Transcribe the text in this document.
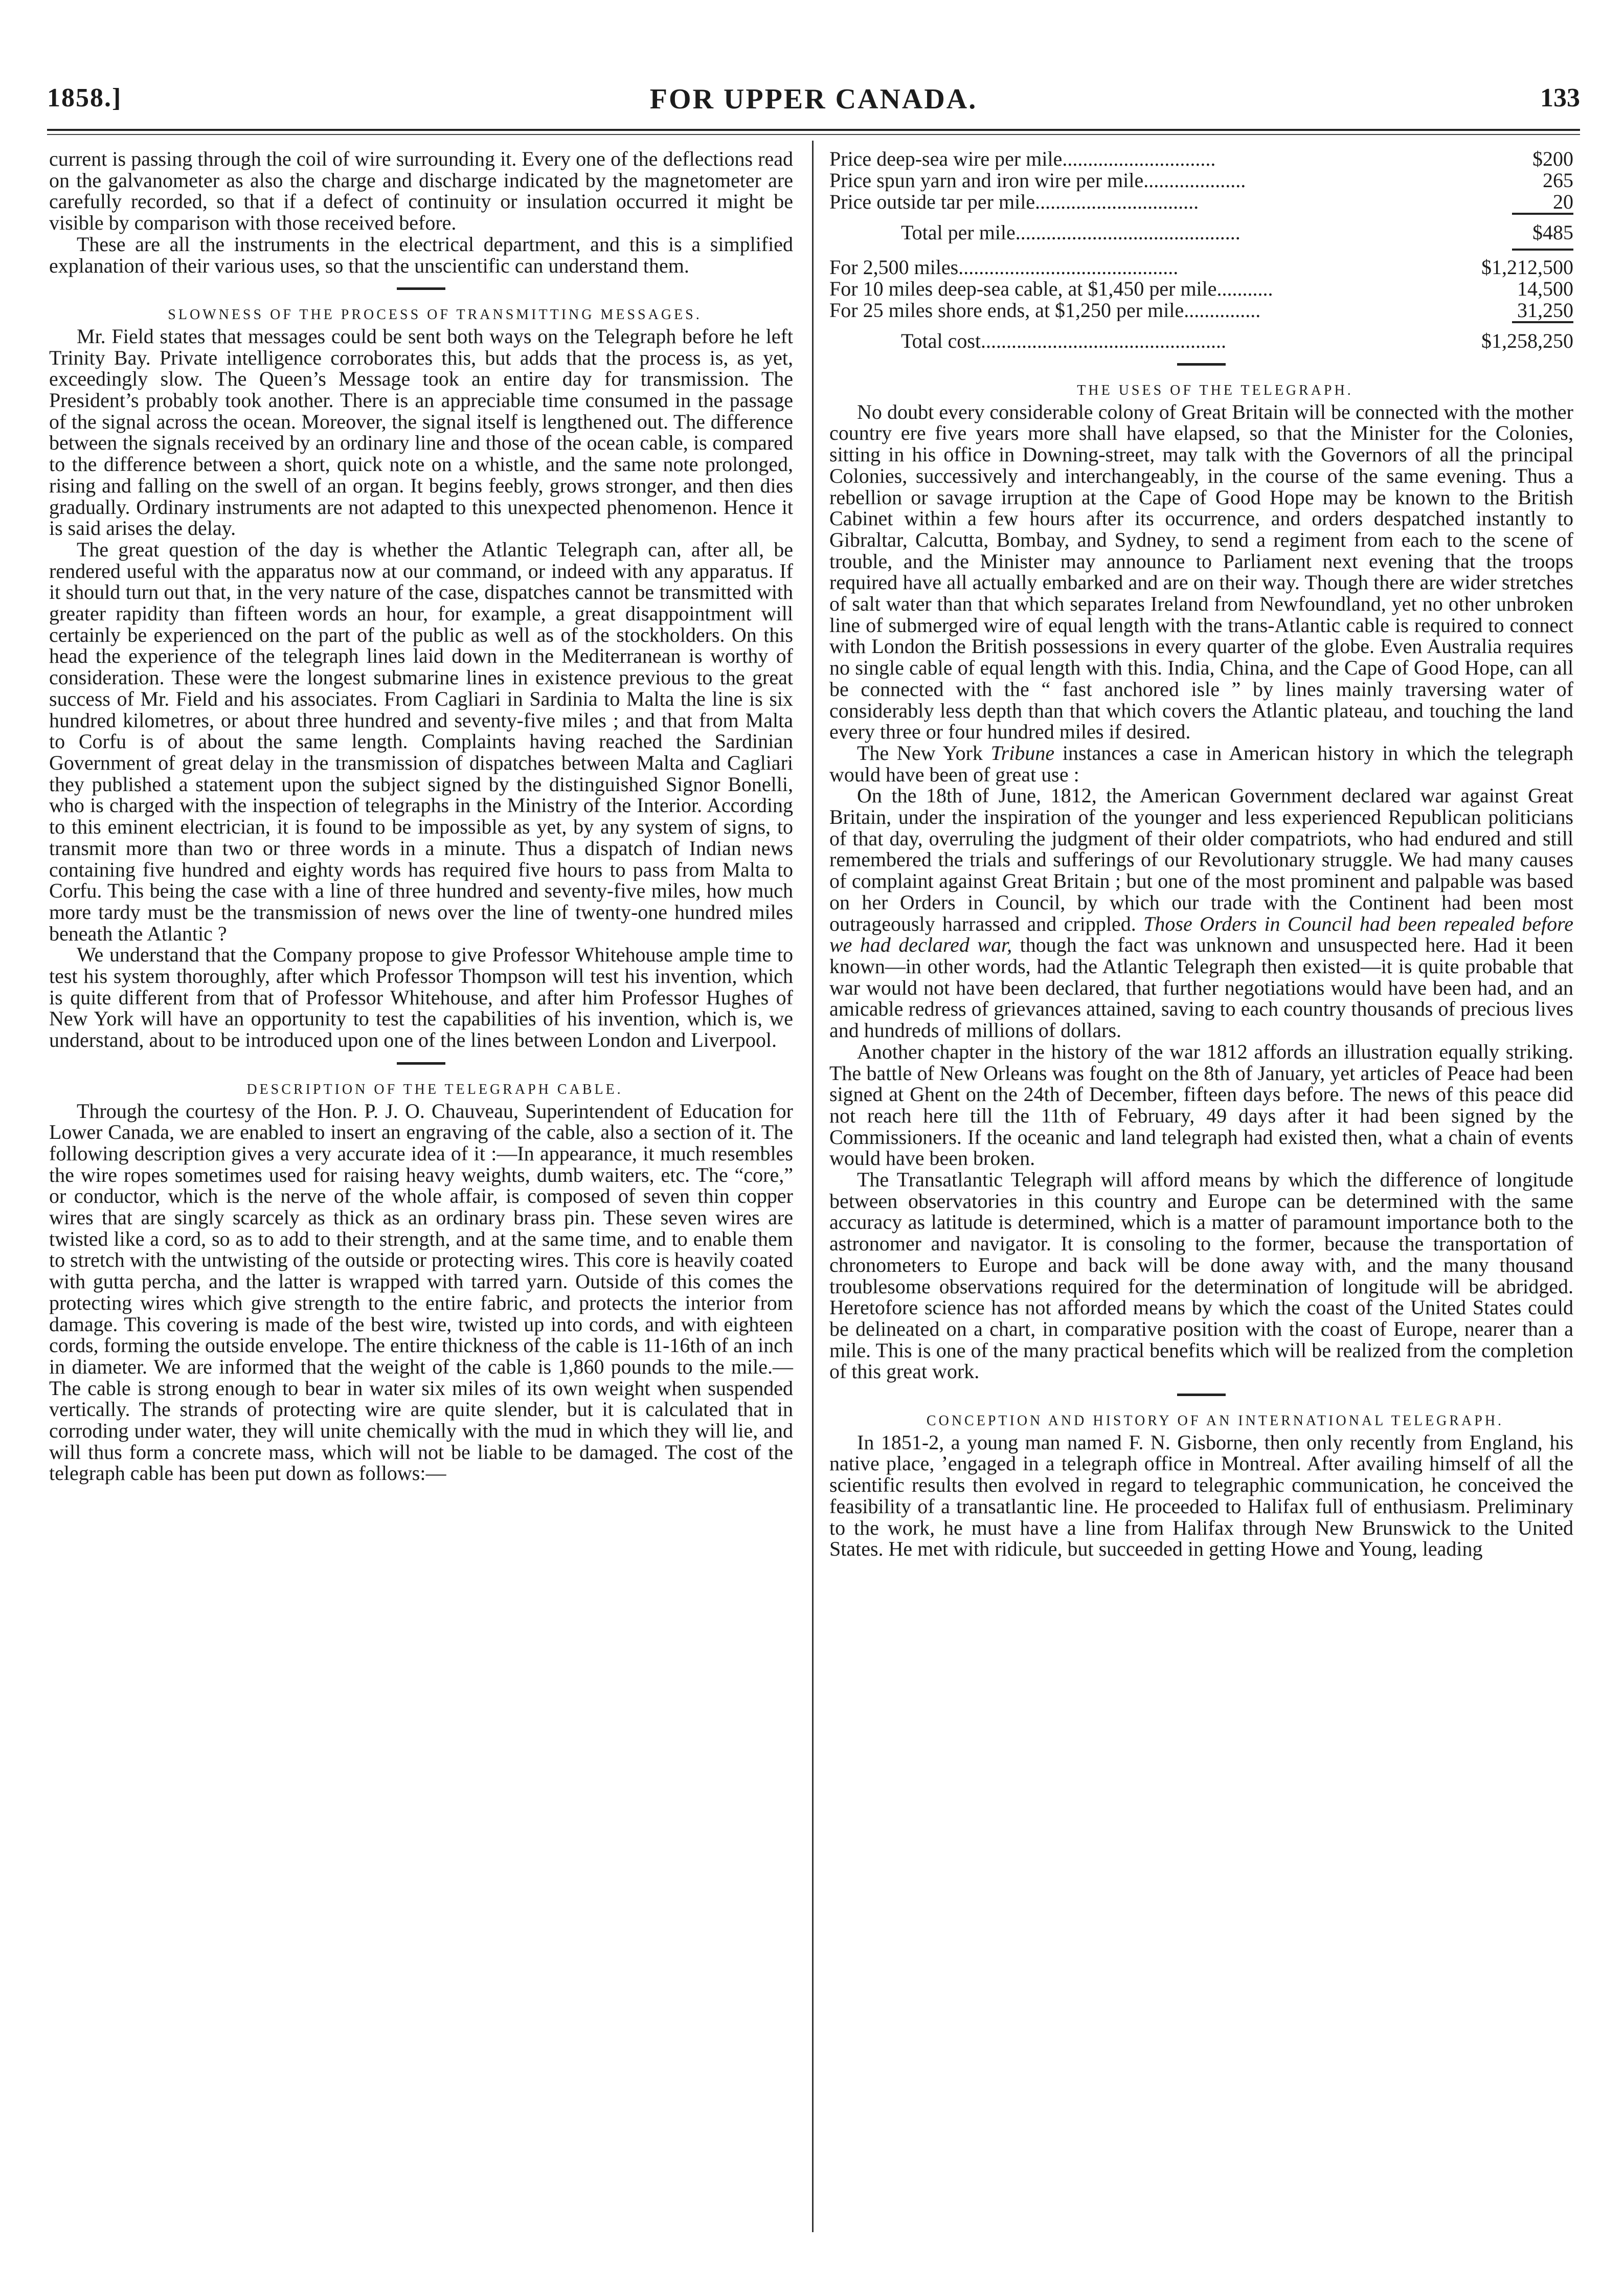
1858.]	FOR UPPER CANADA.	133

current is passing through the coil of wire surrounding it. Every one of the deflections read on the galvanometer as also the charge and discharge indicated by the magnetometer are carefully recorded, so that if a defect of continuity or insulation occurred it might be visible by comparison with those received before.

These are all the instruments in the electrical department, and this is a simplified explanation of their various uses, so that the unscientific can understand them.

SLOWNESS OF THE PROCESS OF TRANSMITTING MESSAGES.

Mr. Field states that messages could be sent both ways on the Telegraph before he left Trinity Bay. Private intelligence corroborates this, but adds that the process is, as yet, exceedingly slow. The Queen’s Message took an entire day for transmission. The President’s probably took another. There is an appreciable time consumed in the passage of the signal across the ocean. Moreover, the signal itself is lengthened out. The difference between the signals received by an ordinary line and those of the ocean cable, is compared to the difference between a short, quick note on a whistle, and the same note prolonged, rising and falling on the swell of an organ. It begins feebly, grows stronger, and then dies gradually. Ordinary instruments are not adapted to this unexpected phenomenon. Hence it is said arises the delay.

The great question of the day is whether the Atlantic Telegraph can, after all, be rendered useful with the apparatus now at our command, or indeed with any apparatus. If it should turn out that, in the very nature of the case, dispatches cannot be transmitted with greater rapidity than fifteen words an hour, for example, a great disappointment will certainly be experienced on the part of the public as well as of the stockholders. On this head the experience of the telegraph lines laid down in the Mediterranean is worthy of consideration. These were the longest submarine lines in existence previous to the great success of Mr. Field and his associates. From Cagliari in Sardinia to Malta the line is six hundred kilometres, or about three hundred and seventy-five miles ; and that from Malta to Corfu is of about the same length. Complaints having reached the Sardinian Government of great delay in the transmission of dispatches between Malta and Cagliari they published a statement upon the subject signed by the distinguished Signor Bonelli, who is charged with the inspection of telegraphs in the Ministry of the Interior. According to this eminent electrician, it is found to be impossible as yet, by any system of signs, to transmit more than two or three words in a minute. Thus a dispatch of Indian news containing five hundred and eighty words has required five hours to pass from Malta to Corfu. This being the case with a line of three hundred and seventy-five miles, how much more tardy must be the transmission of news over the line of twenty-one hundred miles beneath the Atlantic ?

We understand that the Company propose to give Professor Whitehouse ample time to test his system thoroughly, after which Professor Thompson will test his invention, which is quite different from that of Professor Whitehouse, and after him Professor Hughes of New York will have an opportunity to test the capabilities of his invention, which is, we understand, about to be introduced upon one of the lines between London and Liverpool.

DESCRIPTION OF THE TELEGRAPH CABLE.

Through the courtesy of the Hon. P. J. O. Chauveau, Superintendent of Education for Lower Canada, we are enabled to insert an engraving of the cable, also a section of it. The following description gives a very accurate idea of it :—In appearance, it much resembles the wire ropes sometimes used for raising heavy weights, dumb waiters, etc. The “core,” or conductor, which is the nerve of the whole affair, is composed of seven thin copper wires that are singly scarcely as thick as an ordinary brass pin. These seven wires are twisted like a cord, so as to add to their strength, and at the same time, and to enable them to stretch with the untwisting of the outside or protecting wires. This core is heavily coated with gutta percha, and the latter is wrapped with tarred yarn. Outside of this comes the protecting wires which give strength to the entire fabric, and protects the interior from damage. This covering is made of the best wire, twisted up into cords, and with eighteen cords, forming the outside envelope. The entire thickness of the cable is 11-16th of an inch in diameter. We are informed that the weight of the cable is 1,860 pounds to the mile.—The cable is strong enough to bear in water six miles of its own weight when suspended vertically. The strands of protecting wire are quite slender, but it is calculated that in corroding under water, they will unite chemically with the mud in which they will lie, and will thus form a concrete mass, which will not be liable to be damaged. The cost of the telegraph cable has been put down as follows:—

Price deep-sea wire per mile..............................	$200
Price spun yarn and iron wire per mile....................	265
Price outside tar per mile................................	20

Total per mile............................................	$485

For 2,500 miles...........................................	$1,212,500
For 10 miles deep-sea cable, at $1,450 per mile...........	14,500
For 25 miles shore ends, at $1,250 per mile...............	31,250

Total cost................................................	$1,258,250

THE USES OF THE TELEGRAPH.

No doubt every considerable colony of Great Britain will be connected with the mother country ere five years more shall have elapsed, so that the Minister for the Colonies, sitting in his office in Downing-street, may talk with the Governors of all the principal Colonies, successively and interchangeably, in the course of the same evening. Thus a rebellion or savage irruption at the Cape of Good Hope may be known to the British Cabinet within a few hours after its occurrence, and orders despatched instantly to Gibraltar, Calcutta, Bombay, and Sydney, to send a regiment from each to the scene of trouble, and the Minister may announce to Parliament next evening that the troops required have all actually embarked and are on their way. Though there are wider stretches of salt water than that which separates Ireland from Newfoundland, yet no other unbroken line of submerged wire of equal length with the trans-Atlantic cable is required to connect with London the British possessions in every quarter of the globe. Even Australia requires no single cable of equal length with this. India, China, and the Cape of Good Hope, can all be connected with the “ fast anchored isle ” by lines mainly traversing water of considerably less depth than that which covers the Atlantic plateau, and touching the land every three or four hundred miles if desired.

The New York Tribune instances a case in American history in which the telegraph would have been of great use :

On the 18th of June, 1812, the American Government declared war against Great Britain, under the inspiration of the younger and less experienced Republican politicians of that day, overruling the judgment of their older compatriots, who had endured and still remembered the trials and sufferings of our Revolutionary struggle. We had many causes of complaint against Great Britain ; but one of the most prominent and palpable was based on her Orders in Council, by which our trade with the Continent had been most outrageously harrassed and crippled. Those Orders in Council had been repealed before we had declared war, though the fact was unknown and unsuspected here. Had it been known—in other words, had the Atlantic Telegraph then existed—it is quite probable that war would not have been declared, that further negotiations would have been had, and an amicable redress of grievances attained, saving to each country thousands of precious lives and hundreds of millions of dollars.

Another chapter in the history of the war 1812 affords an illustration equally striking. The battle of New Orleans was fought on the 8th of January, yet articles of Peace had been signed at Ghent on the 24th of December, fifteen days before. The news of this peace did not reach here till the 11th of February, 49 days after it had been signed by the Commissioners. If the oceanic and land telegraph had existed then, what a chain of events would have been broken.

The Transatlantic Telegraph will afford means by which the difference of longitude between observatories in this country and Europe can be determined with the same accuracy as latitude is determined, which is a matter of paramount importance both to the astronomer and navigator. It is consoling to the former, because the transportation of chronometers to Europe and back will be done away with, and the many thousand troublesome observations required for the determination of longitude will be abridged. Heretofore science has not afforded means by which the coast of the United States could be delineated on a chart, in comparative position with the coast of Europe, nearer than a mile. This is one of the many practical benefits which will be realized from the completion of this great work.

CONCEPTION AND HISTORY OF AN INTERNATIONAL TELEGRAPH.

In 1851-2, a young man named F. N. Gisborne, then only recently from England, his native place, ’engaged in a telegraph office in Montreal. After availing himself of all the scientific results then evolved in regard to telegraphic communication, he conceived the feasibility of a transatlantic line. He proceeded to Halifax full of enthusiasm. Preliminary to the work, he must have a line from Halifax through New Brunswick to the United States. He met with ridicule, but succeeded in getting Howe and Young, leading
